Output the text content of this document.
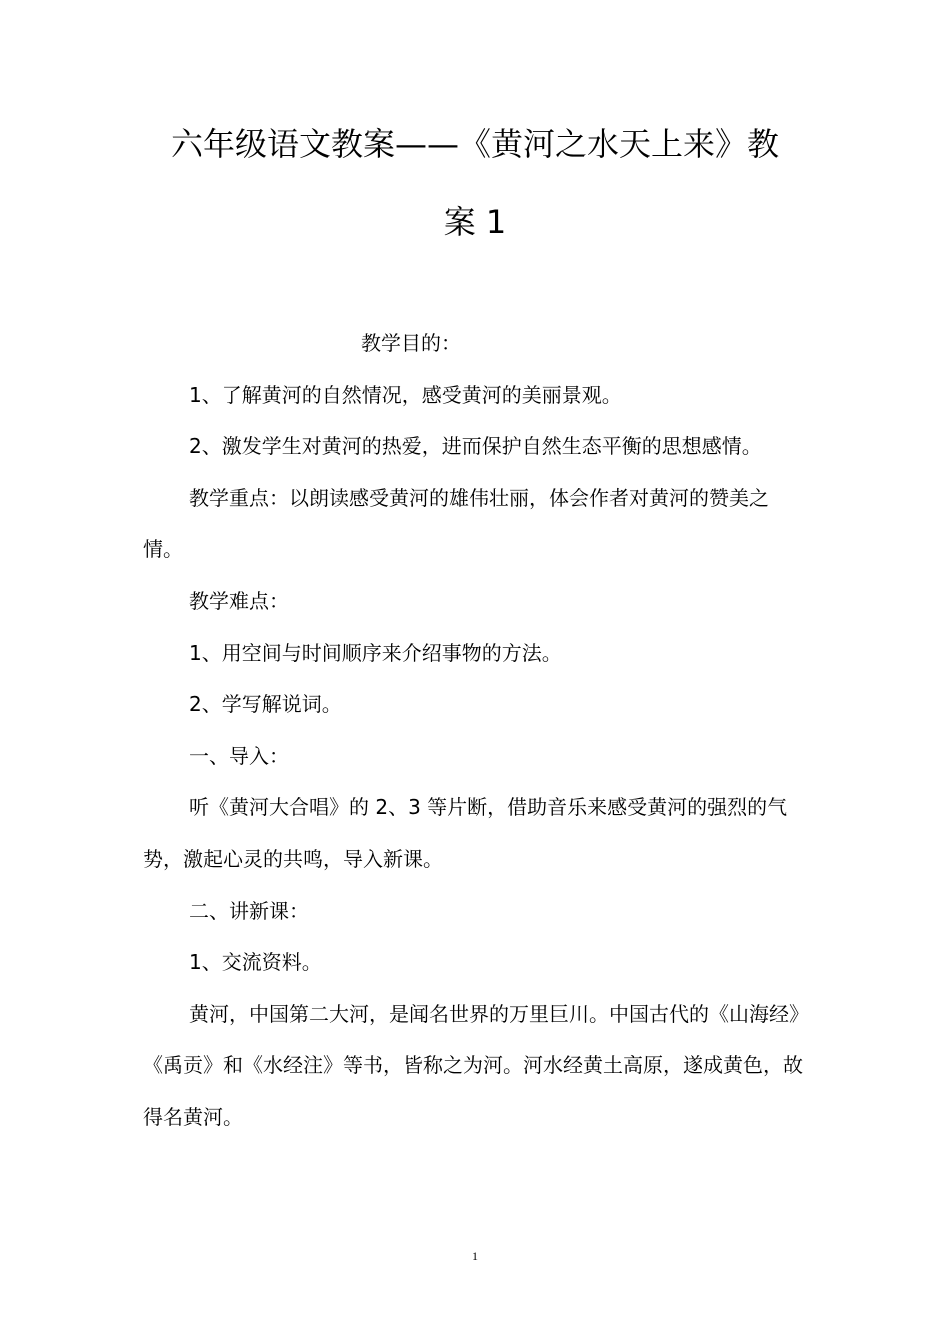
六年级语文教案——《黄河之水天上来》教
案 1

教学目的：

1、了解黄河的自然情况，感受黄河的美丽景观。

2、激发学生对黄河的热爱，进而保护自然生态平衡的思想感情。

教学重点：以朗读感受黄河的雄伟壮丽，体会作者对黄河的赞美之情。

教学难点：

1、用空间与时间顺序来介绍事物的方法。

2、学写解说词。

一、导入：

听《黄河大合唱》的 2、3 等片断，借助音乐来感受黄河的强烈的气势，激起心灵的共鸣，导入新课。

二、讲新课：

1、交流资料。

黄河，中国第二大河，是闻名世界的万里巨川。中国古代的《山海经》《禹贡》和《水经注》等书，皆称之为河。河水经黄土高原，遂成黄色，故得名黄河。

1
